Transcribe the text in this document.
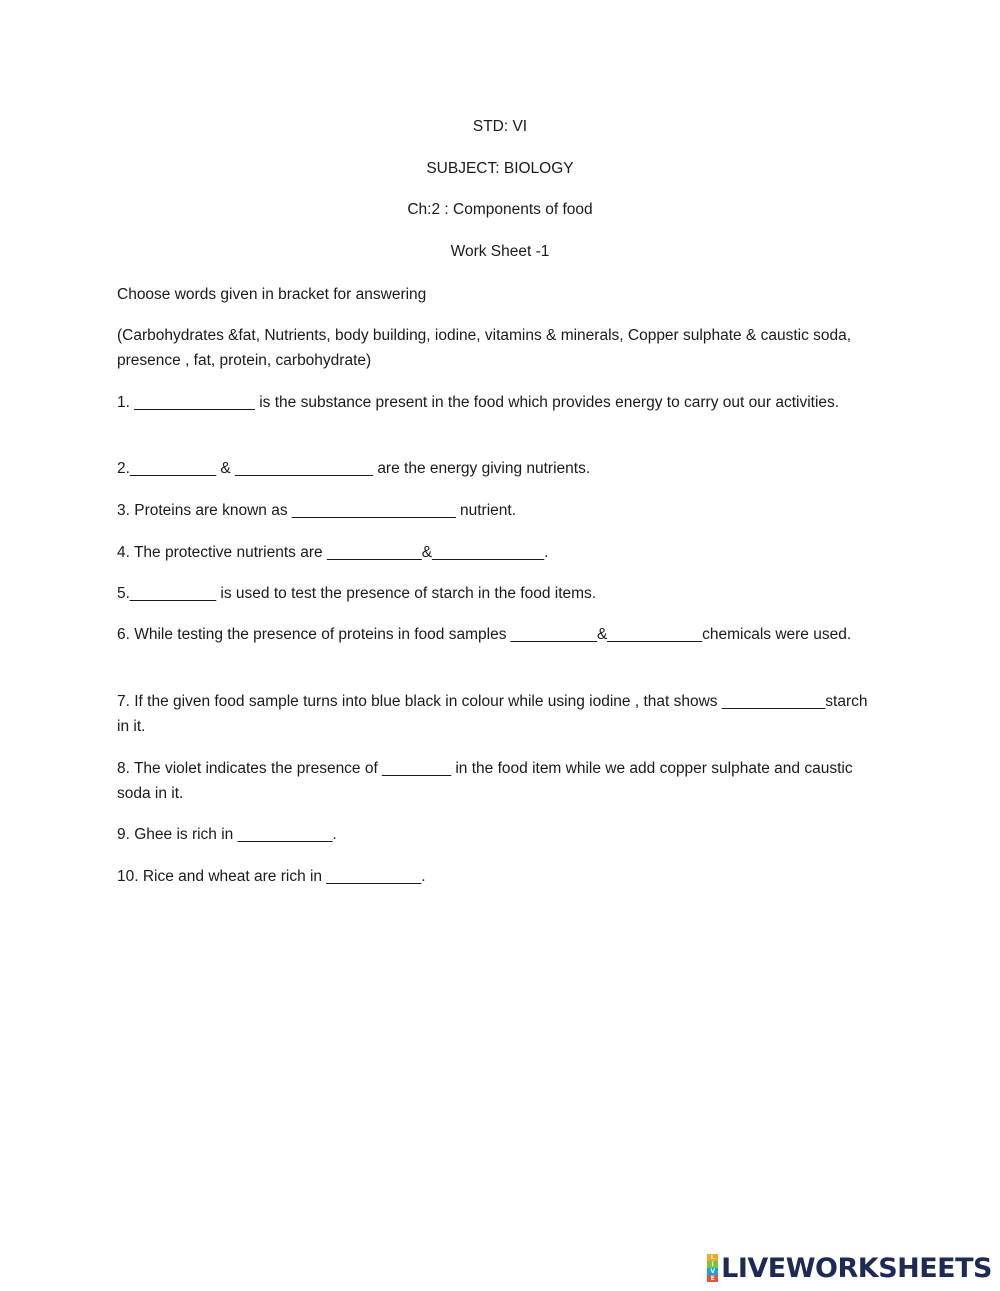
STD: VI

SUBJECT: BIOLOGY

Ch:2 : Components of food

Work Sheet -1

Choose words given in bracket for answering

(Carbohydrates &fat, Nutrients, body building, iodine, vitamins & minerals, Copper sulphate & caustic soda, presence , fat, protein, carbohydrate)

1. ______________ is the substance present in the food which provides energy to carry out our activities.

2.__________ & ________________ are the energy giving nutrients.

3. Proteins are known as ___________________ nutrient.

4. The protective nutrients are ___________&_____________.

5.__________ is used to test the presence of starch in the food items.

6. While testing the presence of proteins in food samples __________&___________chemicals were used.

7. If the given food sample turns into blue black in colour while using iodine , that shows ____________starch in it.

8. The violet indicates the presence of ________ in the food item while we add copper sulphate and caustic soda in it.

9. Ghee is rich in ___________.

10. Rice and wheat are rich in ___________.

L
I
V
E LIVEWORKSHEETS
